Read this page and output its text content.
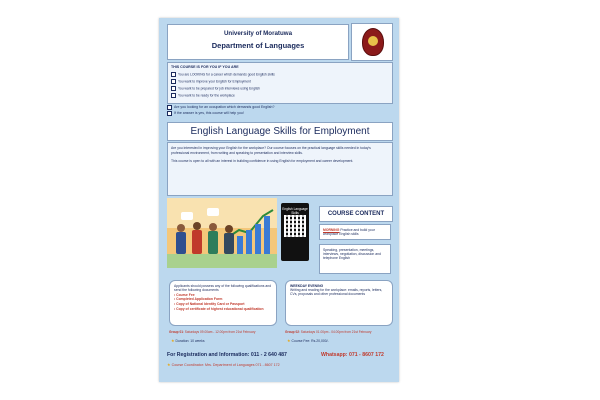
University of Moratuwa
Department of Languages
THIS COURSE IS FOR YOU IF YOU ARE
You are LOOKING for a career which demands good English skills
You want to improve your English for Employment
You want to be prepared for job interviews using English
You want to be ready for the workplace
Are you looking for an occupation which demands good English?
If the answer is yes, this course will help you!
English Language Skills for Employment

Are you interested in improving your English for the workplace? Our course focuses on the practical language skills needed in today's professional environment, from writing and speaking to presentation and interview skills.

This course is open to all with an interest in building confidence in using English for employment and career development.

English Language Skills	COURSE CONTENT
MORNING Practice and build your workplace English skills
Speaking, presentation, meetings, interviews, negotiation, discussion and telephone English
Applicants should possess any of the following qualifications and send the following documents
• Course Fee
• Completed Application Form
• Copy of National Identity Card or Passport
• Copy of certificate of highest educational qualification
WEEKDAY EVENING
Writing and reading for the workplace: emails, reports, letters, CVs, proposals and other professional documents
Group 01: Saturdays 09.00am - 12.00pm from 21st February	Group 02: Saturdays 01.00pm - 04.00pm from 21st February
★ Duration: 10 weeks	★ Course Fee: Rs.20,000/-
For Registration and Information: 011 - 2 640 487	Whatsapp: 071 - 8607 172
★ Course Coordinator: Mrs. Department of Languages 071 - 8607 172
